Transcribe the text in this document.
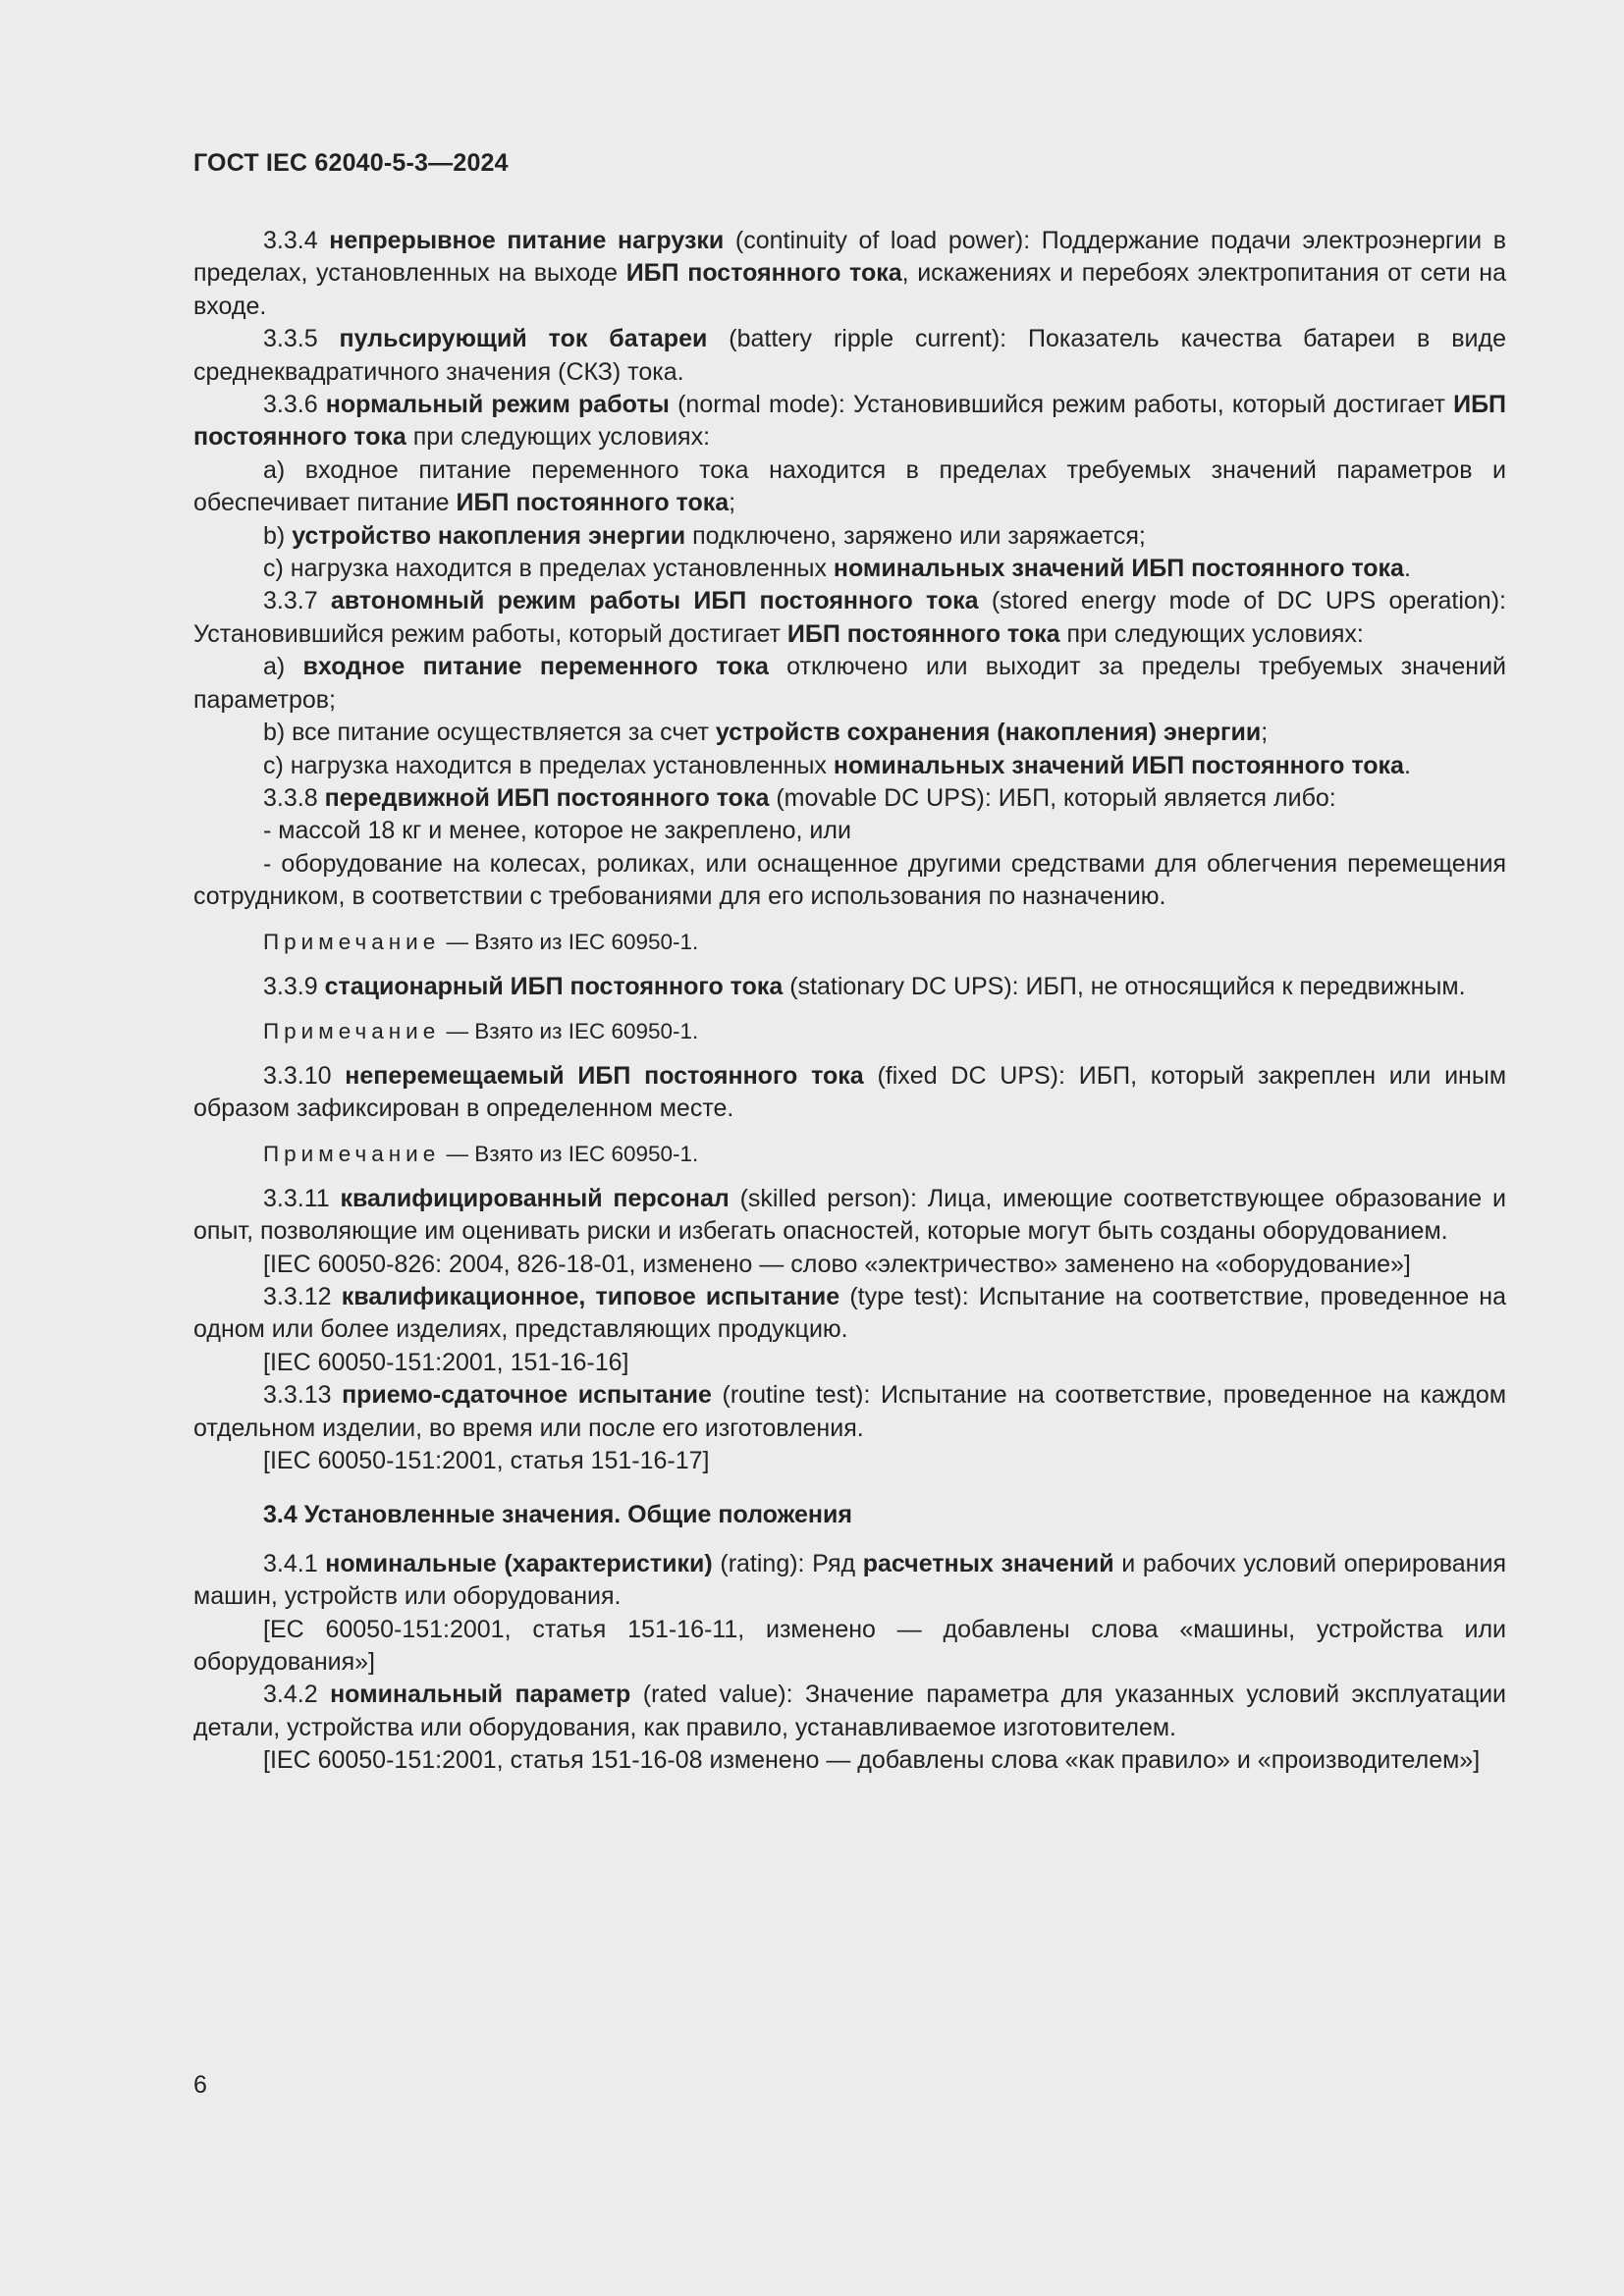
ГОСТ IEC 62040-5-3—2024

3.3.4 непрерывное питание нагрузки (continuity of load power): Поддержание подачи электроэнергии в пределах, установленных на выходе ИБП постоянного тока, искажениях и перебоях электропитания от сети на входе.

3.3.5 пульсирующий ток батареи (battery ripple current): Показатель качества батареи в виде среднеквадратичного значения (СКЗ) тока.

3.3.6 нормальный режим работы (normal mode): Установившийся режим работы, который достигает ИБП постоянного тока при следующих условиях:

a) входное питание переменного тока находится в пределах требуемых значений параметров и обеспечивает питание ИБП постоянного тока;

b) устройство накопления энергии подключено, заряжено или заряжается;

c) нагрузка находится в пределах установленных номинальных значений ИБП постоянного тока.

3.3.7 автономный режим работы ИБП постоянного тока (stored energy mode of DC UPS operation): Установившийся режим работы, который достигает ИБП постоянного тока при следующих условиях:

a) входное питание переменного тока отключено или выходит за пределы требуемых значений параметров;

b) все питание осуществляется за счет устройств сохранения (накопления) энергии;

c) нагрузка находится в пределах установленных номинальных значений ИБП постоянного тока.

3.3.8 передвижной ИБП постоянного тока (movable DC UPS): ИБП, который является либо:

- массой 18 кг и менее, которое не закреплено, или

- оборудование на колесах, роликах, или оснащенное другими средствами для облегчения перемещения сотрудником, в соответствии с требованиями для его использования по назначению.

Примечание — Взято из IEC 60950-1.

3.3.9 стационарный ИБП постоянного тока (stationary DC UPS): ИБП, не относящийся к передвижным.

Примечание — Взято из IEC 60950-1.

3.3.10 неперемещаемый ИБП постоянного тока (fixed DC UPS): ИБП, который закреплен или иным образом зафиксирован в определенном месте.

Примечание — Взято из IEC 60950-1.

3.3.11 квалифицированный персонал (skilled person): Лица, имеющие соответствующее образование и опыт, позволяющие им оценивать риски и избегать опасностей, которые могут быть созданы оборудованием.

[IEC 60050-826: 2004, 826-18-01, изменено — слово «электричество» заменено на «оборудование»]

3.3.12 квалификационное, типовое испытание (type test): Испытание на соответствие, проведенное на одном или более изделиях, представляющих продукцию.

[IEC 60050-151:2001, 151-16-16]

3.3.13 приемо-сдаточное испытание (routine test): Испытание на соответствие, проведенное на каждом отдельном изделии, во время или после его изготовления.

[IEC 60050-151:2001, статья 151-16-17]

3.4 Установленные значения. Общие положения

3.4.1 номинальные (характеристики) (rating): Ряд расчетных значений и рабочих условий оперирования машин, устройств или оборудования.

[ЕС 60050-151:2001, статья 151-16-11, изменено — добавлены слова «машины, устройства или оборудования»]

3.4.2 номинальный параметр (rated value): Значение параметра для указанных условий эксплуатации детали, устройства или оборудования, как правило, устанавливаемое изготовителем.

[IEC 60050-151:2001, статья 151-16-08 изменено — добавлены слова «как правило» и «производителем»]

6
